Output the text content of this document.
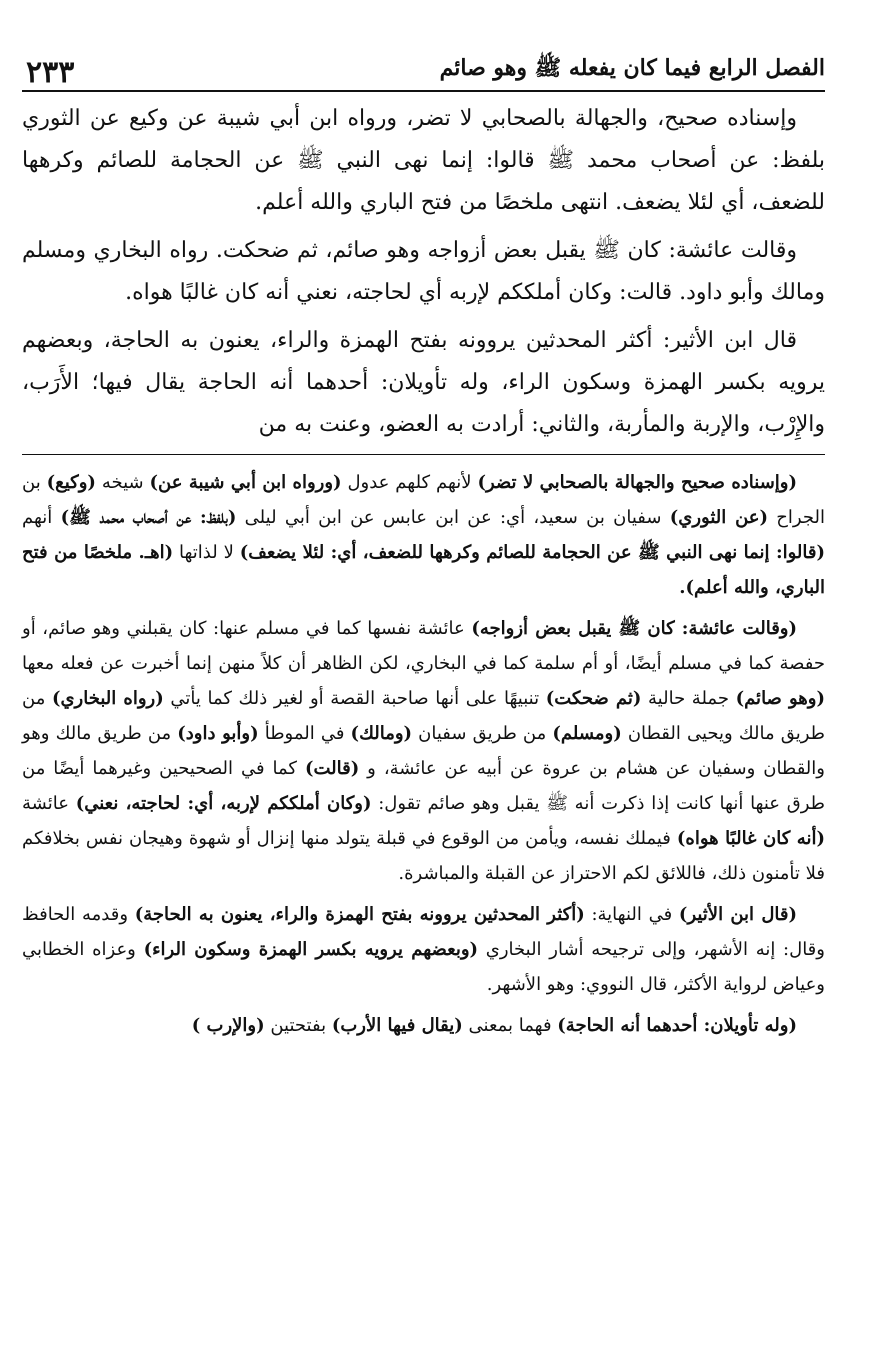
٢٣٣	الفصل الرابع فيما كان يفعله ﷺ وهو صائم

وإسناده صحيح، والجهالة بالصحابي لا تضر، ورواه ابن أبي شيبة عن وكيع عن الثوري بلفظ: عن أصحاب محمد ﷺ قالوا: إنما نهى النبي ﷺ عن الحجامة للصائم وكرهها للضعف، أي لئلا يضعف. انتهى ملخصًا من فتح الباري والله أعلم.

وقالت عائشة: كان ﷺ يقبل بعض أزواجه وهو صائم، ثم ضحكت. رواه البخاري ومسلم ومالك وأبو داود. قالت: وكان أملككم لإربه أي لحاجته، نعني أنه كان غالبًا هواه.

قال ابن الأثير: أكثر المحدثين يروونه بفتح الهمزة والراء، يعنون به الحاجة، وبعضهم يرويه بكسر الهمزة وسكون الراء، وله تأويلان: أحدهما أنه الحاجة يقال فيها؛ الأَرَب، والإِرْب، والإربة والمأربة، والثاني: أرادت به العضو، وعنت به من

(وإسناده صحيح والجهالة بالصحابي لا تضر) لأنهم كلهم عدول (ورواه ابن أبي شيبة عن) شيخه (وكيع) بن الجراح (عن الثوري) سفيان بن سعيد، أي: عن ابن عابس عن ابن أبي ليلى (بلفظ: عن أصحاب محمد ﷺ) أنهم (قالوا: إنما نهى النبي ﷺ عن الحجامة للصائم وكرهها للضعف، أي: لئلا يضعف) لا لذاتها (اهـ. ملخصًا من فتح الباري، والله أعلم).

(وقالت عائشة: كان ﷺ يقبل بعض أزواجه) عائشة نفسها كما في مسلم عنها: كان يقبلني وهو صائم، أو حفصة كما في مسلم أيضًا، أو أم سلمة كما في البخاري، لكن الظاهر أن كلاً منهن إنما أخبرت عن فعله معها (وهو صائم) جملة حالية (ثم ضحكت) تنبيهًا على أنها صاحبة القصة أو لغير ذلك كما يأتي (رواه البخاري) من طريق مالك ويحيى القطان (ومسلم) من طريق سفيان (ومالك) في الموطأ (وأبو داود) من طريق مالك وهو والقطان وسفيان عن هشام بن عروة عن أبيه عن عائشة، و (قالت) كما في الصحيحين وغيرهما أيضًا من طرق عنها أنها كانت إذا ذكرت أنه ﷺ يقبل وهو صائم تقول: (وكان أملككم لإربه، أي: لحاجته، نعني) عائشة (أنه كان غالبًا هواه) فيملك نفسه، ويأمن من الوقوع في قبلة يتولد منها إنزال أو شهوة وهيجان نفس بخلافكم فلا تأمنون ذلك، فاللائق لكم الاحتراز عن القبلة والمباشرة.

(قال ابن الأثير) في النهاية: (أكثر المحدثين يروونه بفتح الهمزة والراء، يعنون به الحاجة) وقدمه الحافظ وقال: إنه الأشهر، وإلى ترجيحه أشار البخاري (وبعضهم يرويه بكسر الهمزة وسكون الراء) وعزاه الخطابي وعياض لرواية الأكثر، قال النووي: وهو الأشهر.

(وله تأويلان: أحدهما أنه الحاجة) فهما بمعنى (يقال فيها الأرب) بفتحتين (والإرب )
